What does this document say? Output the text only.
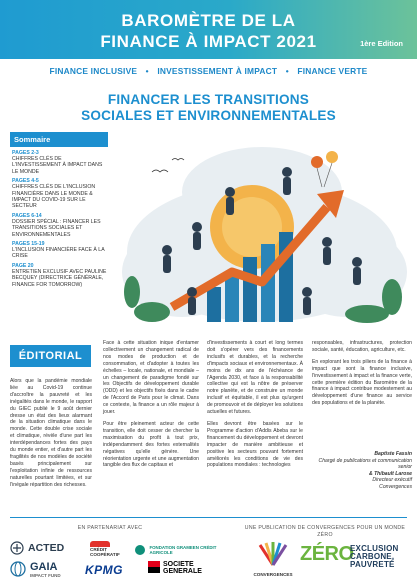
BAROMÈTRE DE LA
FINANCE À IMPACT 2021	1ère Edition
FINANCE INCLUSIVE • INVESTISSEMENT À IMPACT • FINANCE VERTE
FINANCER LES TRANSITIONS
SOCIALES ET ENVIRONNEMENTALES
Sommaire
PAGES 2-3
CHIFFRES CLÉS DE L'INVESTISSEMENT À IMPACT DANS LE MONDE
PAGES 4-5
CHIFFRES CLÉS DE L'INCLUSION FINANCIÈRE DANS LE MONDE & IMPACT DU COVID-19 SUR LE SECTEUR
PAGES 6-14
DOSSIER SPÉCIAL : FINANCER LES TRANSITIONS SOCIALES ET ENVIRONNEMENTALES
PAGES 15-19
L'INCLUSION FINANCIÈRE FACE À LA CRISE
PAGE 20
ENTRETIEN EXCLUSIF AVEC PAULINE BECQUEY (DIRECTRICE GÉNÉRALE, FINANCE FOR TOMORROW)
ÉDITORIAL

Alors que la pandémie mondiale liée au Covid-19 continue d'accroître la pauvreté et les inégalités dans le monde, le rapport du GIEC publié le 9 août dernier dresse un état des lieux alarmant de la situation climatique dans le monde. Cette double crise sociale et climatique, révèle d'une part les interdépendances fortes des pays du monde entier, et d'autre part les fragilités de nos modèles de société basés principalement sur l'exploitation infinie de ressources naturelles pourtant limitées, et sur l'inégale répartition des richesses.

Face à cette situation inique d'entamer collectivement un changement radical de nos modes de production et de consommation, et d'adopter à toutes les échelles – locale, nationale, et mondiale – un changement de paradigme fondé sur les Objectifs de développement durable (ODD) et les objectifs fixés dans le cadre de l'Accord de Paris pour le climat. Dans ce contexte, la finance a un rôle majeur à jouer.

Pour être pleinement acteur de cette transition, elle doit cesser de chercher la maximisation du profit à tout prix, indépendamment des fortes externalités négatives qu'elle génère. Une réorientation urgente et une augmentation tangible des flux de capitaux et

d'investissements à court et long termes doit s'opérer vers des financements inclusifs et durables, et la recherche d'impacts sociaux et environnementaux. À moins de dix ans de l'échéance de l'Agenda 2030, et face à la responsabilité collective qui est la nôtre de préserver notre planète, et de construire un monde inclusif et équitable, il est plus qu'urgent de promouvoir et de déployer les solutions actuelles et futures.

Elles devront être basées sur le Programme d'action d'Addis Abeba sur le financement du développement et devront impacter de manière ambitieuse et positive les secteurs pouvant fortement améliorés les conditions de vie des populations mondiales : technologies

responsables, infrastructures, protection sociale, santé, éducation, agriculture, etc.

En explorant les trois piliers de la finance à impact que sont la finance inclusive, l'investissement à impact et la finance verte, cette première édition du Baromètre de la finance à impact contribue modestement au développement d'une finance au service des populations et de la planète.

Baptiste Fassin
Chargé de publications et communication senior
& Thibault Larose
Directeur exécutif
Convergences
EN PARTENARIAT AVEC	UNE PUBLICATION DE CONVERGENCES POUR UN MONDE ZÉRO
ACTED	CRÉDIT COOPÉRATIF
FONDATION GRAMEEN CRÉDIT AGRICOLE
GAIA
IMPACT FUND KPMG	SOCIETE
GENERALE	CONVERGENCES
ZÉRO
EXCLUSION
CARBONE,
PAUVRETÉ
